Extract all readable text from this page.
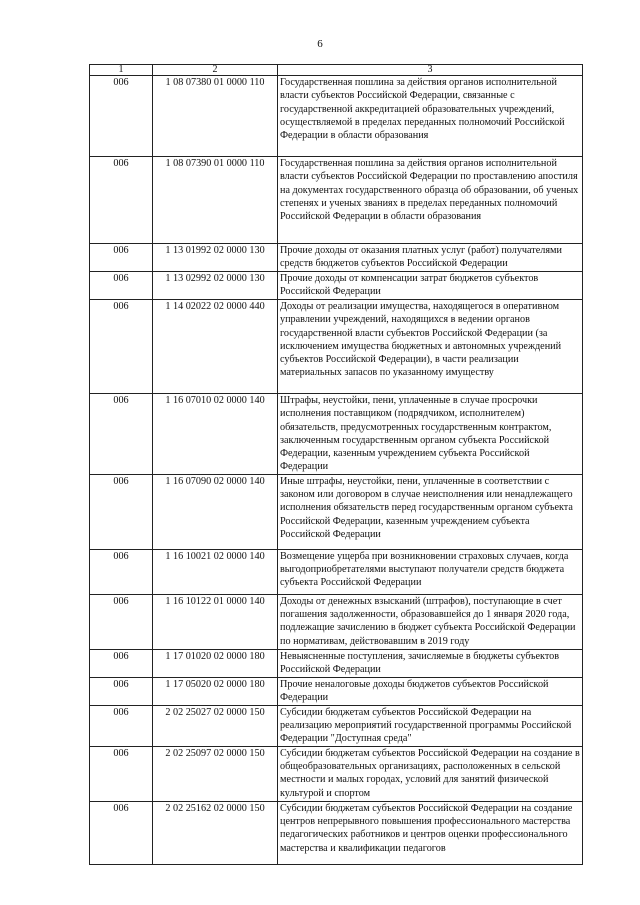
6
1	2	3
006	1 08 07380 01 0000 110	Государственная пошлина за действия органов исполнительной власти субъектов Российской Федерации, связанные с государственной аккредитацией образовательных учреждений, осуществляемой в пределах переданных полномочий Российской Федерации в области образования
006	1 08 07390 01 0000 110	Государственная пошлина за действия органов исполнительной власти субъектов Российской Федерации по проставлению апостиля на документах государственного образца об образовании, об ученых степенях и ученых званиях в пределах переданных полномочий Российской Федерации в области образования
006	1 13 01992 02 0000 130	Прочие доходы от оказания платных услуг (работ) получателями средств бюджетов субъектов Российской Федерации
006	1 13 02992 02 0000 130	Прочие доходы от компенсации затрат бюджетов субъектов Российской Федерации
006	1 14 02022 02 0000 440	Доходы от реализации имущества, находящегося в оперативном управлении учреждений, находящихся в ведении органов государственной власти субъектов Российской Федерации (за исключением имущества бюджетных и автономных учреждений субъектов Российской Федерации), в части реализации материальных запасов по указанному имуществу
006	1 16 07010 02 0000 140	Штрафы, неустойки, пени, уплаченные в случае просрочки исполнения поставщиком (подрядчиком, исполнителем) обязательств, предусмотренных государственным контрактом, заключенным государственным органом субъекта Российской Федерации, казенным учреждением субъекта Российской Федерации
006	1 16 07090 02 0000 140	Иные штрафы, неустойки, пени, уплаченные в соответствии с законом или договором в случае неисполнения или ненадлежащего исполнения обязательств перед государственным органом субъекта Российской Федерации, казенным учреждением субъекта Российской Федерации
006	1 16 10021 02 0000 140	Возмещение ущерба при возникновении страховых случаев, когда выгодоприобретателями выступают получатели средств бюджета субъекта Российской Федерации
006	1 16 10122 01 0000 140	Доходы от денежных взысканий (штрафов), поступающие в счет погашения задолженности, образовавшейся до 1 января 2020 года, подлежащие зачислению в бюджет субъекта Российской Федерации по нормативам, действовавшим в 2019 году
006	1 17 01020 02 0000 180	Невыясненные поступления, зачисляемые в бюджеты субъектов Российской Федерации
006	1 17 05020 02 0000 180	Прочие неналоговые доходы бюджетов субъектов Российской Федерации
006	2 02 25027 02 0000 150	Субсидии бюджетам субъектов Российской Федерации на реализацию мероприятий государственной программы Российской Федерации "Доступная среда"
006	2 02 25097 02 0000 150	Субсидии бюджетам субъектов Российской Федерации на создание в общеобразовательных организациях, расположенных в сельской местности и малых городах, условий для занятий физической культурой и спортом
006	2 02 25162 02 0000 150	Субсидии бюджетам субъектов Российской Федерации на создание центров непрерывного повышения профессионального мастерства педагогических работников и центров оценки профессионального мастерства и квалификации педагогов
